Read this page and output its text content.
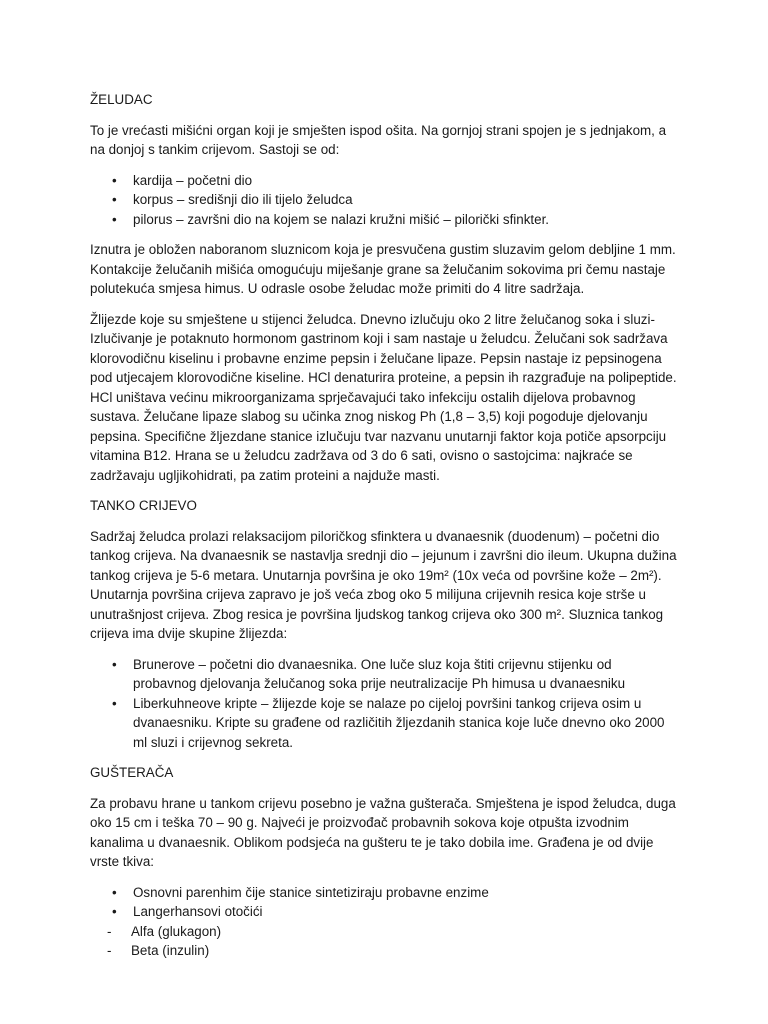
ŽELUDAC

To je vrećasti mišićni organ koji je smješten ispod ošita. Na gornjoj strani spojen je s jednjakom, a na donjoj s tankim crijevom. Sastoji se od:

• kardija – početni dio
• korpus – središnji dio ili tijelo želudca
• pilorus – završni dio na kojem se nalazi kružni mišić – pilorički sfinkter.

Iznutra je obložen naboranom sluznicom koja je presvučena gustim sluzavim gelom debljine 1 mm. Kontakcije želučanih mišića omogućuju miješanje grane sa želučanim sokovima pri čemu nastaje polutekuća smjesa himus. U odrasle osobe želudac može primiti do 4 litre sadržaja.

Žlijezde koje su smještene u stijenci želudca. Dnevno izlučuju oko 2 litre želučanog soka i sluzi- Izlučivanje je potaknuto hormonom gastrinom koji i sam nastaje u želudcu. Želučani sok sadržava klorovodičnu kiselinu i probavne enzime pepsin i želučane lipaze. Pepsin nastaje iz pepsinogena pod utjecajem klorovodične kiseline. HCl denaturira proteine, a pepsin ih razgrađuje na polipeptide. HCl uništava većinu mikroorganizama sprječavajući tako infekciju ostalih dijelova probavnog sustava. Želučane lipaze slabog su učinka znog niskog Ph (1,8 – 3,5) koji pogoduje djelovanju pepsina. Specifične žljezdane stanice izlučuju tvar nazvanu unutarnji faktor koja potiče apsorpciju vitamina B12. Hrana se u želudcu zadržava od 3 do 6 sati, ovisno o sastojcima: najkraće se zadržavaju ugljikohidrati, pa zatim proteini a najduže masti.

TANKO CRIJEVO

Sadržaj želudca prolazi relaksacijom piloričkog sfinktera u dvanaesnik (duodenum) – početni dio tankog crijeva. Na dvanaesnik se nastavlja srednji dio – jejunum i završni dio ileum. Ukupna dužina tankog crijeva je 5-6 metara. Unutarnja površina je oko 19m² (10x veća od površine kože – 2m²). Unutarnja površina crijeva zapravo je još veća zbog oko 5 milijuna crijevnih resica koje strše u unutrašnjost crijeva. Zbog resica je površina ljudskog tankog crijeva oko 300 m². Sluznica tankog crijeva ima dvije skupine žlijezda:

• Brunerove – početni dio dvanaesnika. One luče sluz koja štiti crijevnu stijenku od probavnog djelovanja želučanog soka prije neutralizacije Ph himusa u dvanaesniku
• Liberkuhneove kripte – žlijezde koje se nalaze po cijeloj površini tankog crijeva osim u dvanaesniku. Kripte su građene od različitih žljezdanih stanica koje luče dnevno oko 2000 ml sluzi i crijevnog sekreta.
GUŠTERAČA

Za probavu hrane u tankom crijevu posebno je važna gušterača. Smještena je ispod želudca, duga oko 15 cm i teška 70 – 90 g. Najveći je proizvođač probavnih sokova koje otpušta izvodnim kanalima u dvanaesnik. Oblikom podsjeća na gušteru te je tako dobila ime. Građena je od dvije vrste tkiva:

• Osnovni parenhim čije stanice sintetiziraju probavne enzime
• Langerhansovi otočići
- Alfa (glukagon)
- Beta (inzulin)
